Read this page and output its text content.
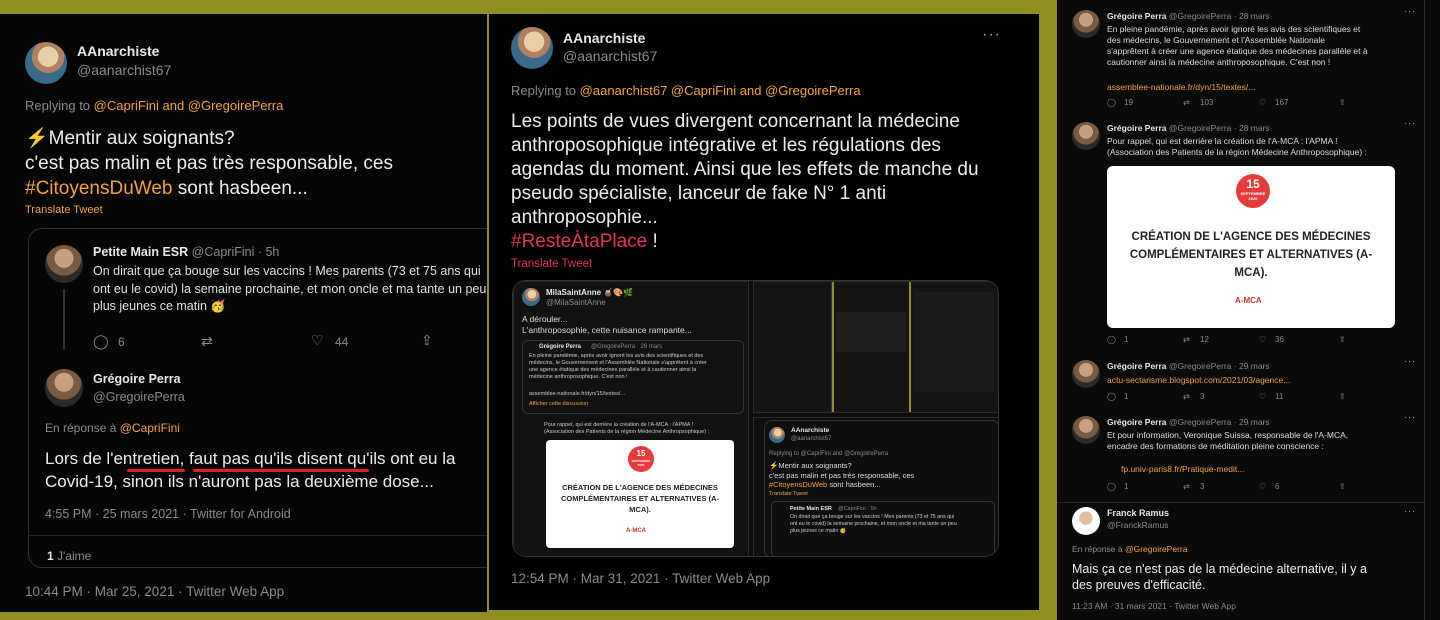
AAnarchiste
@aanarchist67
Replying to @CapriFini and @GregoirePerra
⚡Mentir aux soignants?
c'est pas malin et pas très responsable, ces
#CitoyensDuWeb sont hasbeen...
Translate Tweet
Petite Main ESR @CapriFini · 5h
On dirait que ça bouge sur les vaccins ! Mes parents (73 et 75 ans qui
ont eu le covid) la semaine prochaine, et mon oncle et ma tante un peu
plus jeunes ce matin 🥳
◯ 6	⇄	♡ 44	⇪
Grégoire Perra
@GregoirePerra
En réponse à @CapriFini
Lors de l'entretien, faut pas qu'ils disent qu'ils ont eu la
Covid-19, sinon ils n'auront pas la deuxième dose...
4:55 PM · 25 mars 2021 · Twitter for Android
1 J'aime
10:44 PM · Mar 25, 2021 · Twitter Web App
AAnarchiste
@aanarchist67
···
Replying to @aanarchist67 @CapriFini and @GregoirePerra
Les points de vues divergent concernant la médecine
anthroposophique intégrative et les régulations des
agendas du moment. Ainsi que les effets de manche du
pseudo spécialiste, lanceur de fake N° 1 anti
anthroposophie...
#ResteÀtaPlace !
Translate Tweet
MilaSaintAnne 🧉🎨🌿
@MilaSaintAnne
A dérouler...
L'anthroposophie, cette nuisance rampante...
Grégoire Perra @GregoirePerra · 26 mars
En pleine pandémie, après avoir ignoré les avis des scientifiques et des
médecins, le Gouvernement et l'Assemblée Nationale s'apprêtent à créer
une agence étatique des médecines parallèle et à cautionner ainsi la
médecine anthroposophique. C'est non !
assemblee-nationale.fr/dyn/15/textes/...
Afficher cette discussion
Pour rappel, qui est derrière la création de l'A-MCA : l'APMA !
(Association des Patients de la région Médecine Anthropsophique) :
15
SEPTEMBRE 2020
CRÉATION DE L'AGENCE DES MÉDECINES
COMPLÉMENTAIRES ET ALTERNATIVES (A-
MCA).
A-MCA
AAnarchiste
@aanarchist67
Replying to @CapriFini and @GregoirePerra
⚡Mentir aux soignants?
c'est pas malin et pas très responsable, ces
#CitoyensDuWeb sont hasbeen...
Translate Tweet
Petite Main ESR @CapriFini · 5h
On dirait que ça bouge sur les vaccins ! Mes parents (73 et 75 ans qui
ont eu le covid) la semaine prochaine, et mon oncle et ma tante un peu
plus jeunes ce matin 🥳
12:54 PM · Mar 31, 2021 · Twitter Web App
Grégoire Perra @GregoirePerra · 28 mars	···
En pleine pandémie, après avoir ignoré les avis des scientifiques et
des médecins, le Gouvernement et l'Assemblée Nationale
s'apprêtent à créer une agence étatique des médecines parallèle et à
cautionner ainsi la médecine anthroposophique. C'est non !
assemblee-nationale.fr/dyn/15/textes/...
◯ 19	⇄ 103	♡ 167	⇪
Grégoire Perra @GregoirePerra · 28 mars	···
Pour rappel, qui est derrière la création de l'A-MCA : l'APMA !
(Association des Patients de la région Médecine Anthroposophique) :
15
SEPTEMBRE 2020
CRÉATION DE L'AGENCE DES MÉDECINES
COMPLÉMENTAIRES ET ALTERNATIVES (A-
MCA).
A-MCA
◯ 1	⇄ 12	♡ 36	⇪
Grégoire Perra @GregoirePerra · 29 mars	···
actu-sectarisme.blogspot.com/2021/03/agence...
◯ 1	⇄ 3	♡ 11	⇪
Grégoire Perra @GregoirePerra · 29 mars	···
Et pour information, Veronique Suissa, responsable de l'A-MCA,
encadre des formations de méditation pleine conscience :
fp.univ-paris8.fr/Pratique-medit...
◯ 1	⇄ 3	♡ 6	⇪
Franck Ramus
@FranckRamus
···
En réponse à @GregoirePerra
Mais ça ce n'est pas de la médecine alternative, il y a
des preuves d'efficacité.
11:23 AM · 31 mars 2021 · Twitter Web App
